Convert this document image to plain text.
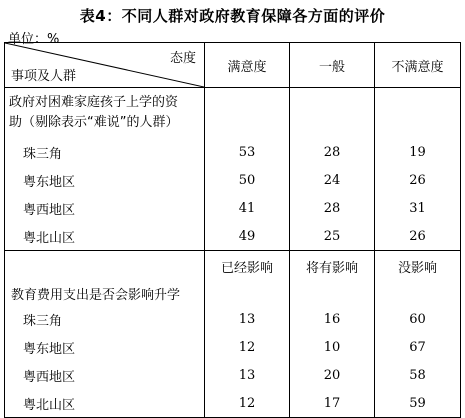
表4：不同人群对政府教育保障各方面的评价
单位：%
态度
事项及人群	满意度	一般	不满意度

政府对困难家庭孩子上学的资
助（剔除表示“难说”的人群）			

珠三角	53	28	19
粤东地区	50	24	26
粤西地区	41	28	31
粤北山区	49	25	26
	已经影响	将有影响	没影响
教育费用支出是否会影响升学			
珠三角	13	16	60
粤东地区	12	10	67
粤西地区	13	20	58
粤北山区	12	17	59
